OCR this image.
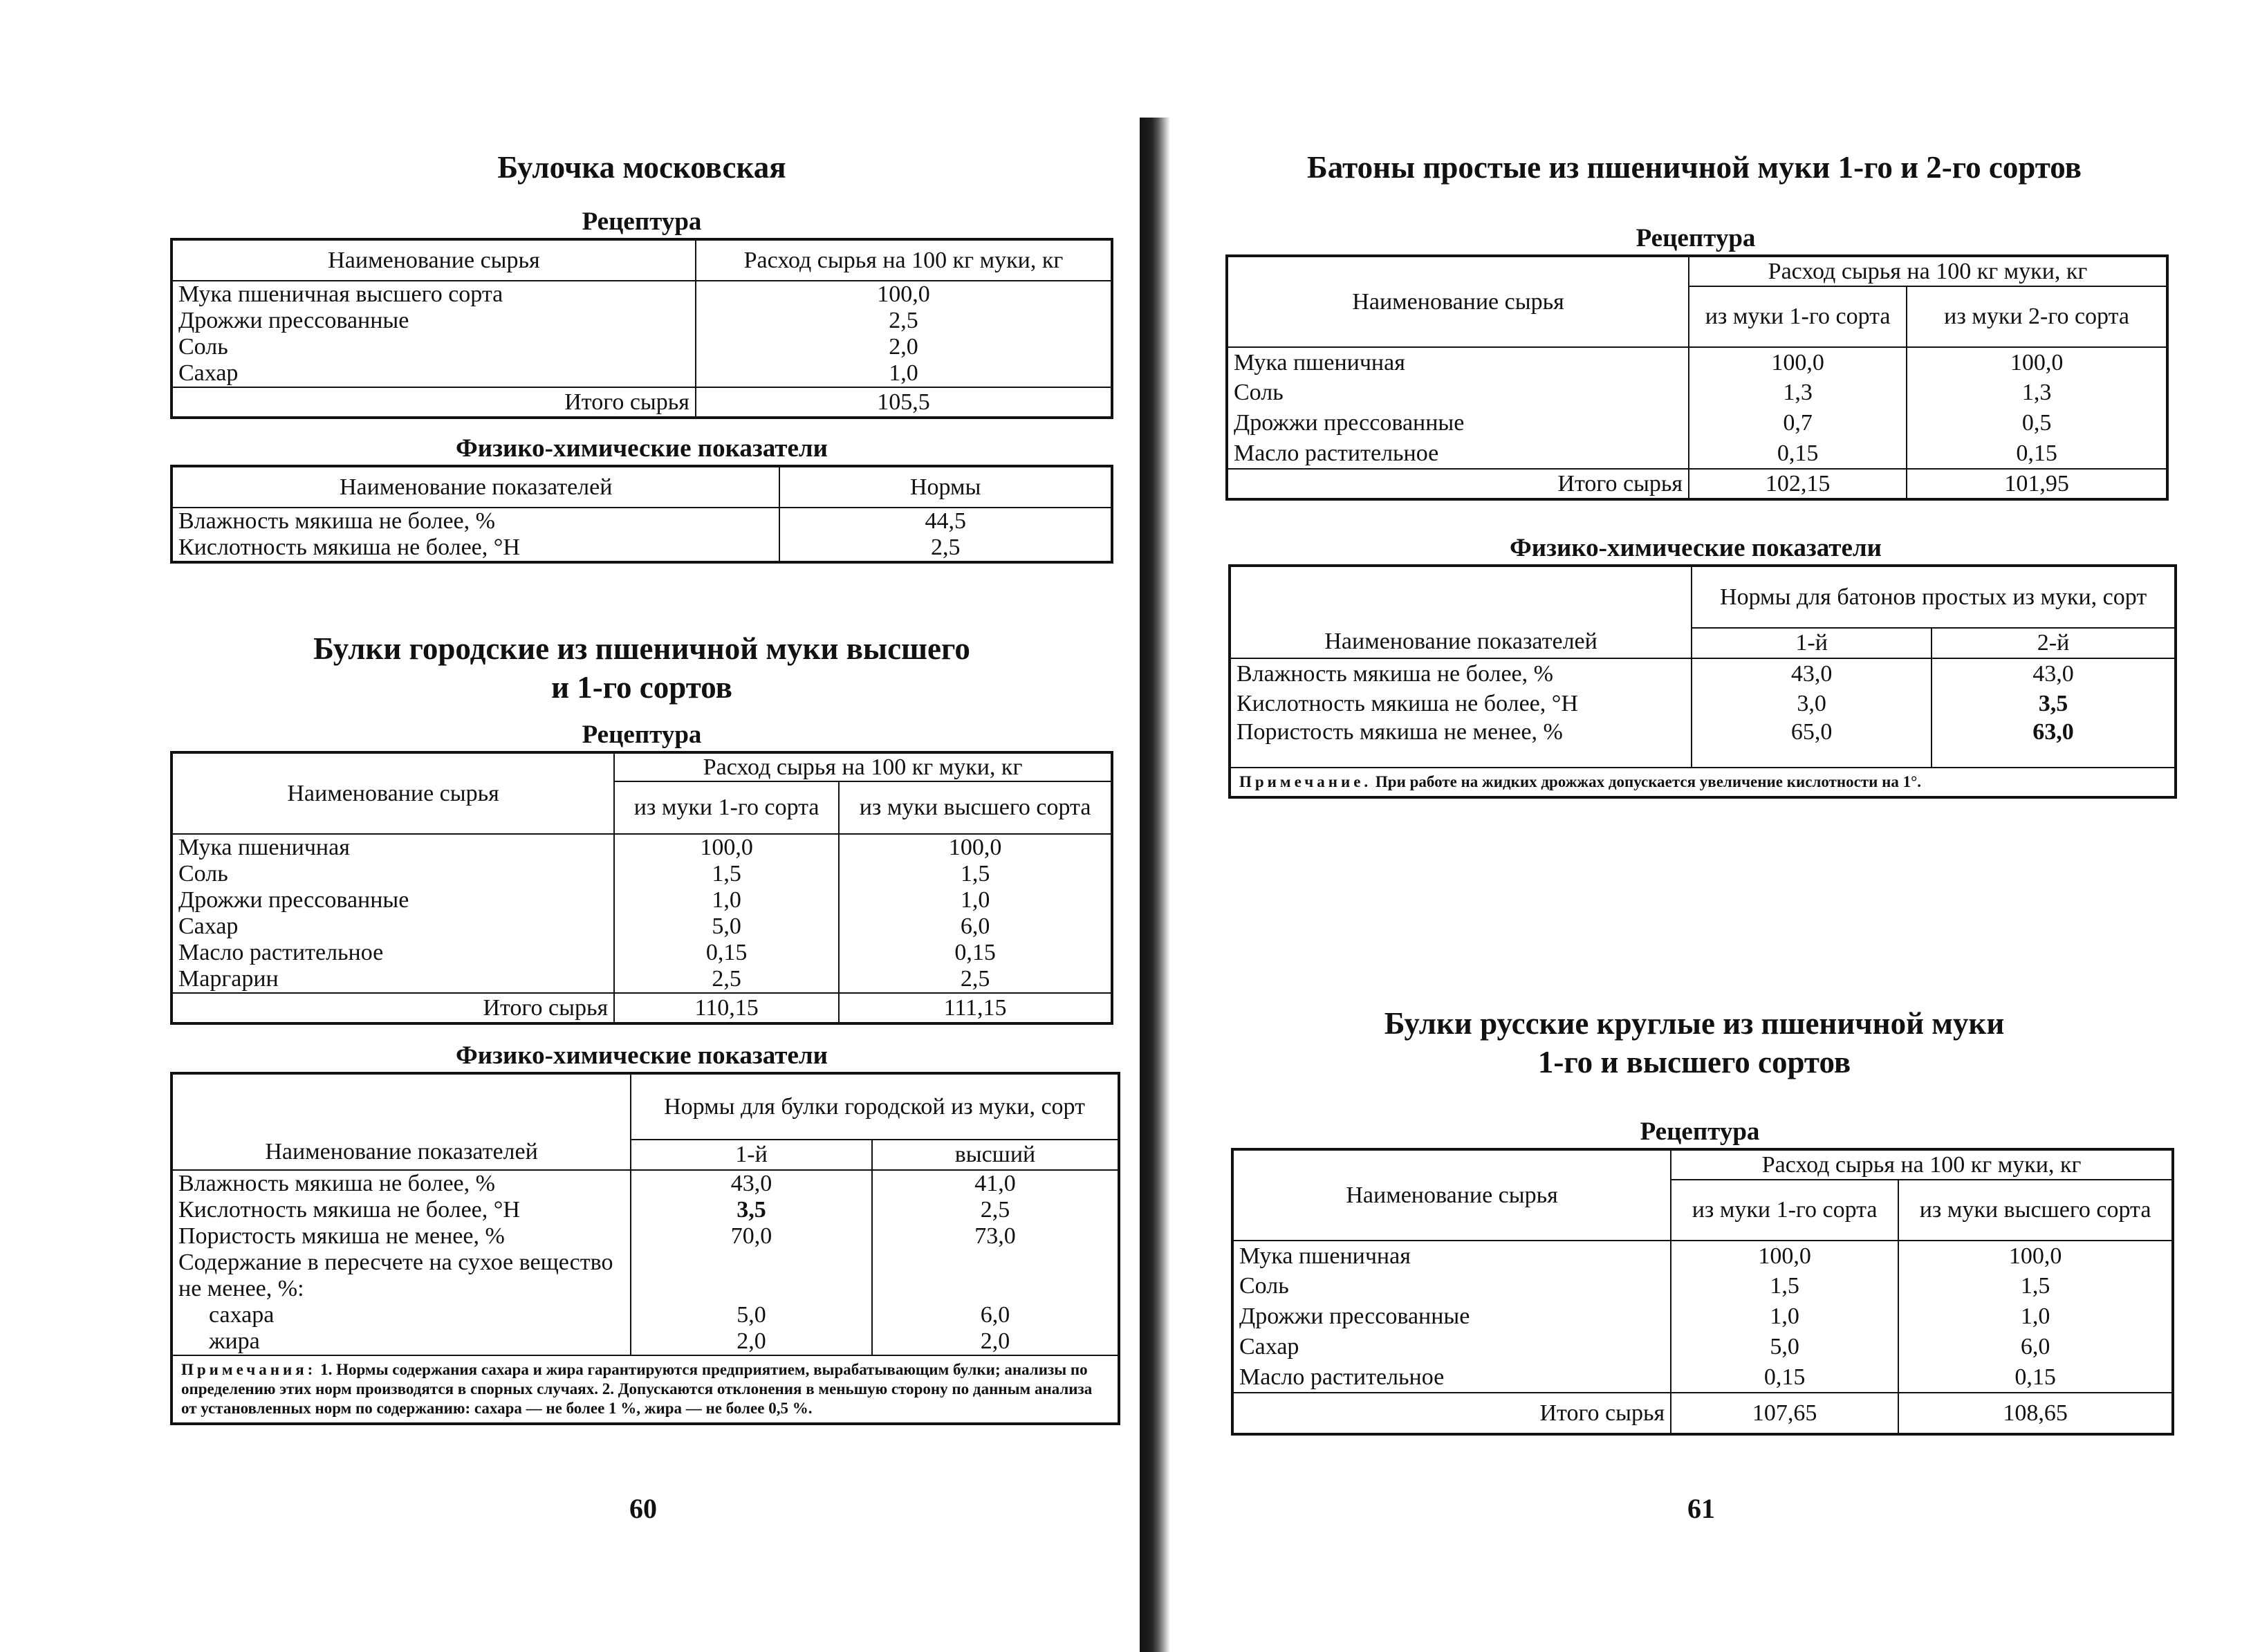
Булочка московская
Рецептура
Наименование сырья	Расход сырья на 100 кг муки, кг
Мука пшеничная высшего сорта	100,0
Дрожжи прессованные	2,5
Соль	2,0
Сахар	1,0
Итого сырья	105,5
Физико-химические показатели
Наименование показателей	Нормы
Влажность мякиша не более, %	44,5
Кислотность мякиша не более, °Н	2,5
Булки городские из пшеничной муки высшего
и 1-го сортов
Рецептура
Наименование сырья	Расход сырья на 100 кг муки, кг	
	из муки 1-го сорта	из муки высшего сорта
Мука пшеничная	100,0	100,0
Соль	1,5	1,5
Дрожжи прессованные	1,0	1,0
Сахар	5,0	6,0
Масло растительное	0,15	0,15
Маргарин	2,5	2,5
Итого сырья	110,15	111,15
Физико-химические показатели
Наименование показателей	Нормы для булки городской из муки, сорт	
	1-й	высший
Влажность мякиша не более, %	43,0	41,0
Кислотность мякиша не более, °Н	3,5	2,5
Пористость мякиша не менее, %	70,0	73,0
Содержание в пересчете на сухое вещество не менее, %:		
сахара	5,0	6,0
жира	2,0	2,0
Примечания: 1. Нормы содержания сахара и жира гарантируются предприятием, вырабатывающим булки; анализы по определению этих норм производятся в спорных случаях. 2. Допускаются отклонения в меньшую сторону по данным анализа от установленных норм по содержанию: сахара — не более 1 %, жира — не более 0,5 %.		
60
Батоны простые из пшеничной муки 1-го и 2-го сортов
Рецептура
Наименование сырья	Расход сырья на 100 кг муки, кг	
	из муки 1-го сорта	из муки 2-го сорта
Мука пшеничная	100,0	100,0
Соль	1,3	1,3
Дрожжи прессованные	0,7	0,5
Масло растительное	0,15	0,15
Итого сырья	102,15	101,95
Физико-химические показатели
Наименование показателей	Нормы для батонов простых из муки, сорт	
	1-й	2-й
Влажность мякиша не более, %	43,0	43,0
Кислотность мякиша не более, °Н	3,0	3,5
Пористость мякиша не менее, %	65,0	63,0
Примечание. При работе на жидких дрожжах допускается увеличение кислотности на 1°.		
Булки русские круглые из пшеничной муки
1-го и высшего сортов
Рецептура
Наименование сырья	Расход сырья на 100 кг муки, кг	
	из муки 1-го сорта	из муки высшего сорта
Мука пшеничная	100,0	100,0
Соль	1,5	1,5
Дрожжи прессованные	1,0	1,0
Сахар	5,0	6,0
Масло растительное	0,15	0,15
Итого сырья	107,65	108,65
61
